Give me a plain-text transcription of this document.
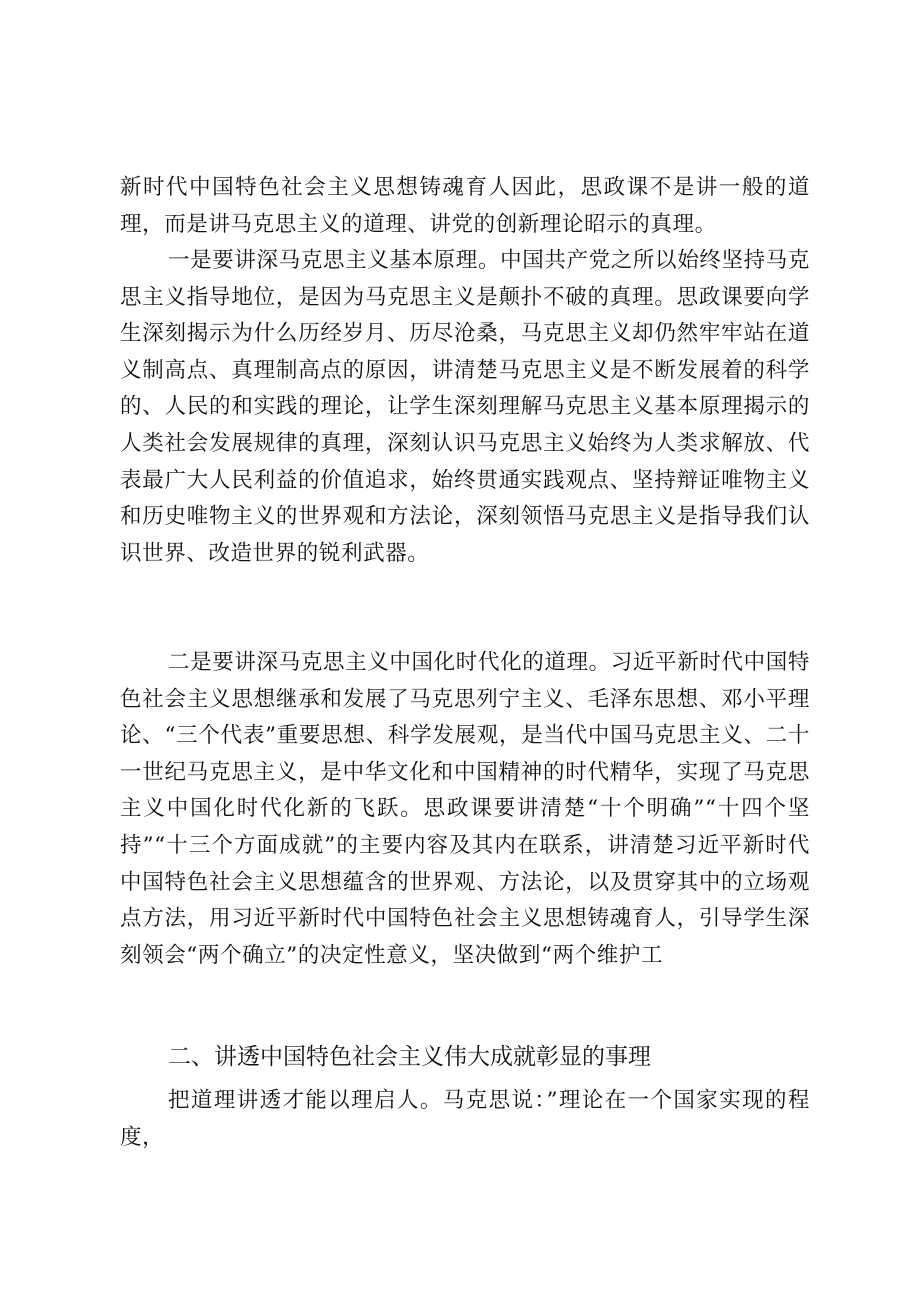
新时代中国特色社会主义思想铸魂育人因此，思政课不是讲一般的道理，而是讲马克思主义的道理、讲党的创新理论昭示的真理。

一是要讲深马克思主义基本原理。中国共产党之所以始终坚持马克思主义指导地位，是因为马克思主义是颠扑不破的真理。思政课要向学生深刻揭示为什么历经岁月、历尽沧桑，马克思主义却仍然牢牢站在道义制高点、真理制高点的原因，讲清楚马克思主义是不断发展着的科学的、人民的和实践的理论，让学生深刻理解马克思主义基本原理揭示的人类社会发展规律的真理，深刻认识马克思主义始终为人类求解放、代表最广大人民利益的价值追求，始终贯通实践观点、坚持辩证唯物主义和历史唯物主义的世界观和方法论，深刻领悟马克思主义是指导我们认识世界、改造世界的锐利武器。

二是要讲深马克思主义中国化时代化的道理。习近平新时代中国特色社会主义思想继承和发展了马克思列宁主义、毛泽东思想、邓小平理论、“三个代表”重要思想、科学发展观，是当代中国马克思主义、二十一世纪马克思主义，是中华文化和中国精神的时代精华，实现了马克思主义中国化时代化新的飞跃。思政课要讲清楚“十个明确”“十四个坚持”“十三个方面成就”的主要内容及其内在联系，讲清楚习近平新时代中国特色社会主义思想蕴含的世界观、方法论，以及贯穿其中的立场观点方法，用习近平新时代中国特色社会主义思想铸魂育人，引导学生深刻领会“两个确立”的决定性意义，坚决做到“两个维护工

二、讲透中国特色社会主义伟大成就彰显的事理

把道理讲透才能以理启人。马克思说：”理论在一个国家实现的程度，
